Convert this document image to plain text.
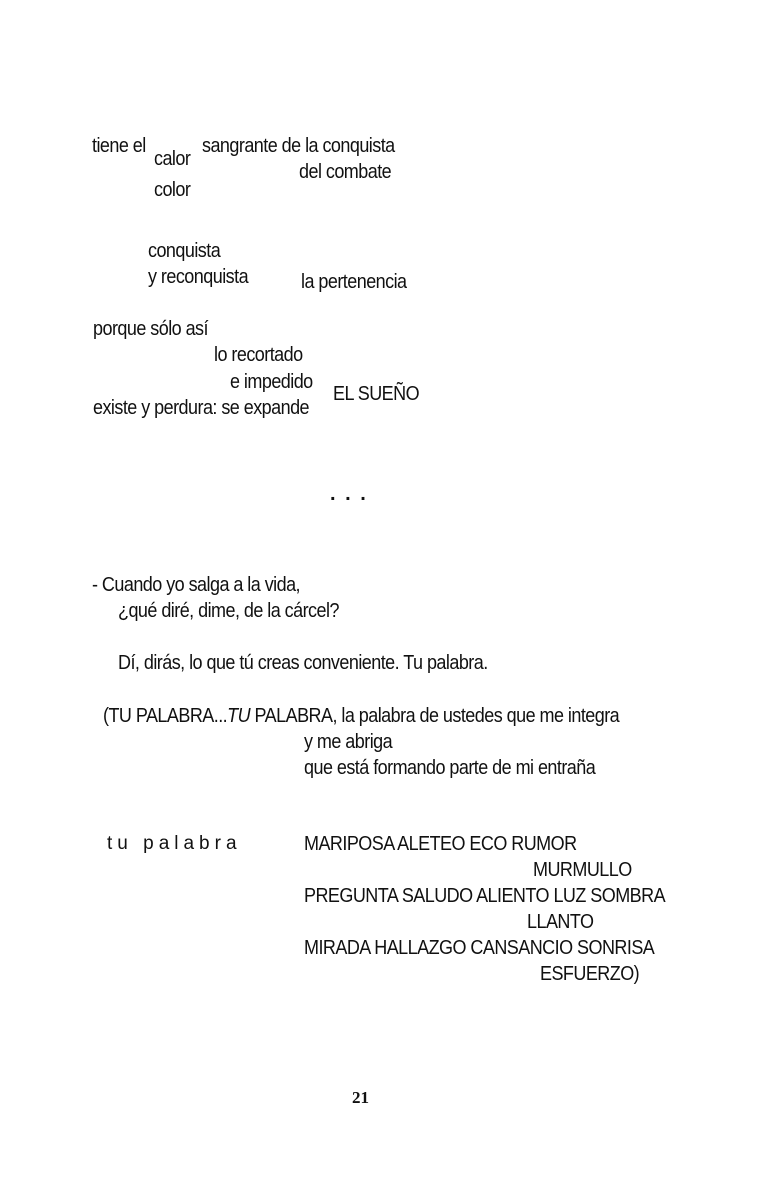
tiene el
calor
sangrante de la conquista
del combate
color
conquista
y reconquista	la pertenencia
porque sólo así
lo recortado
e impedido
existe y perdura: se expande
EL SUEÑO
. . .
- Cuando yo salga a la vida,
¿qué diré, dime, de la cárcel?
Dí, dirás, lo que tú creas conveniente. Tu palabra.
(TU PALABRA...TU PALABRA, la palabra de ustedes que me integra
y me abriga
que está formando parte de mi entraña
tu palabra	MARIPOSA ALETEO ECO RUMOR
MURMULLO
PREGUNTA SALUDO ALIENTO LUZ SOMBRA
LLANTO
MIRADA HALLAZGO CANSANCIO SONRISA
ESFUERZO)
21
